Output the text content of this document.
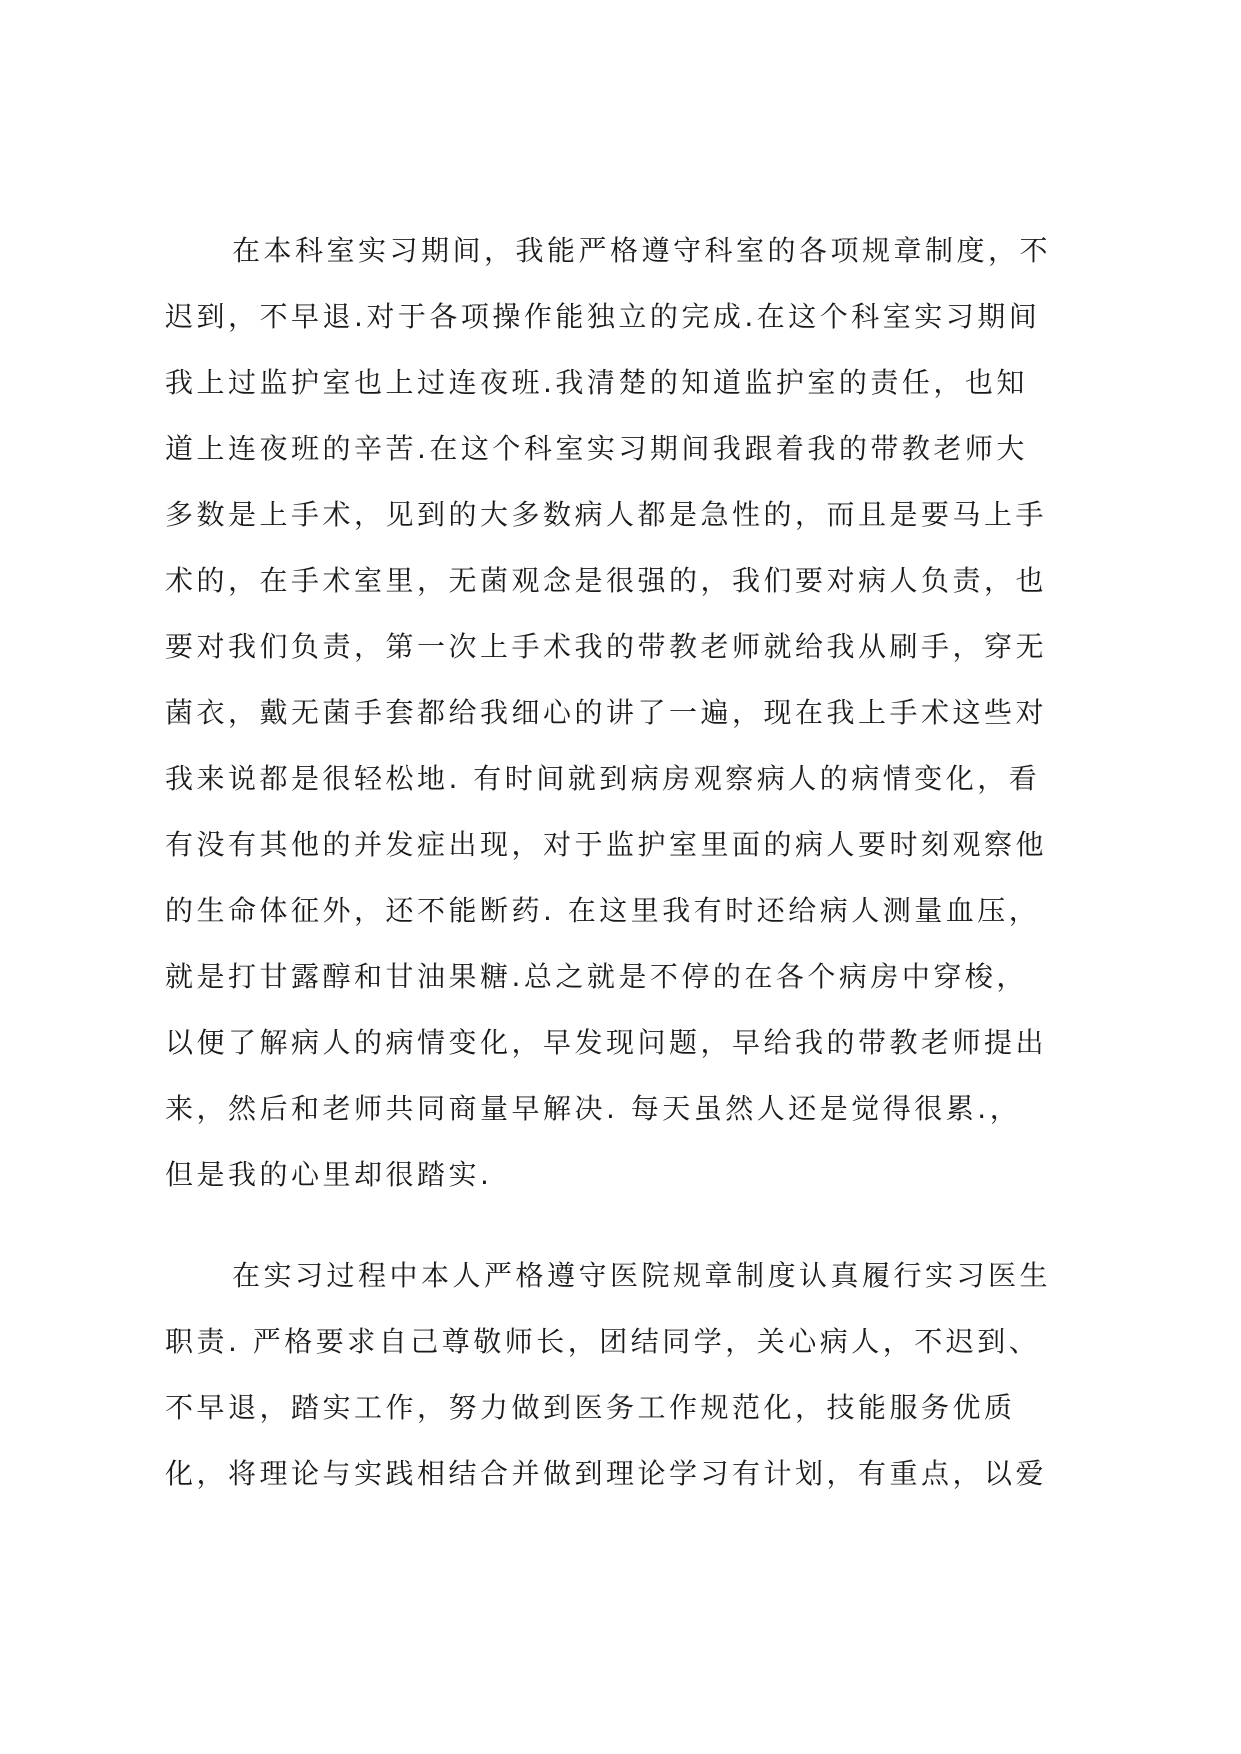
在本科室实习期间，我能严格遵守科室的各项规章制度，不
迟到，不早退.对于各项操作能独立的完成.在这个科室实习期间
我上过监护室也上过连夜班.我清楚的知道监护室的责任，也知
道上连夜班的辛苦.在这个科室实习期间我跟着我的带教老师大
多数是上手术，见到的大多数病人都是急性的，而且是要马上手
术的，在手术室里，无菌观念是很强的，我们要对病人负责，也
要对我们负责，第一次上手术我的带教老师就给我从刷手，穿无
菌衣，戴无菌手套都给我细心的讲了一遍，现在我上手术这些对
我来说都是很轻松地. 有时间就到病房观察病人的病情变化，看
有没有其他的并发症出现，对于监护室里面的病人要时刻观察他
的生命体征外，还不能断药. 在这里我有时还给病人测量血压，
就是打甘露醇和甘油果糖.总之就是不停的在各个病房中穿梭，
以便了解病人的病情变化，早发现问题，早给我的带教老师提出
来，然后和老师共同商量早解决. 每天虽然人还是觉得很累.，
但是我的心里却很踏实.
在实习过程中本人严格遵守医院规章制度认真履行实习医生
职责. 严格要求自己尊敬师长，团结同学，关心病人，不迟到、
不早退，踏实工作，努力做到医务工作规范化，技能服务优质
化，将理论与实践相结合并做到理论学习有计划，有重点，以爱
